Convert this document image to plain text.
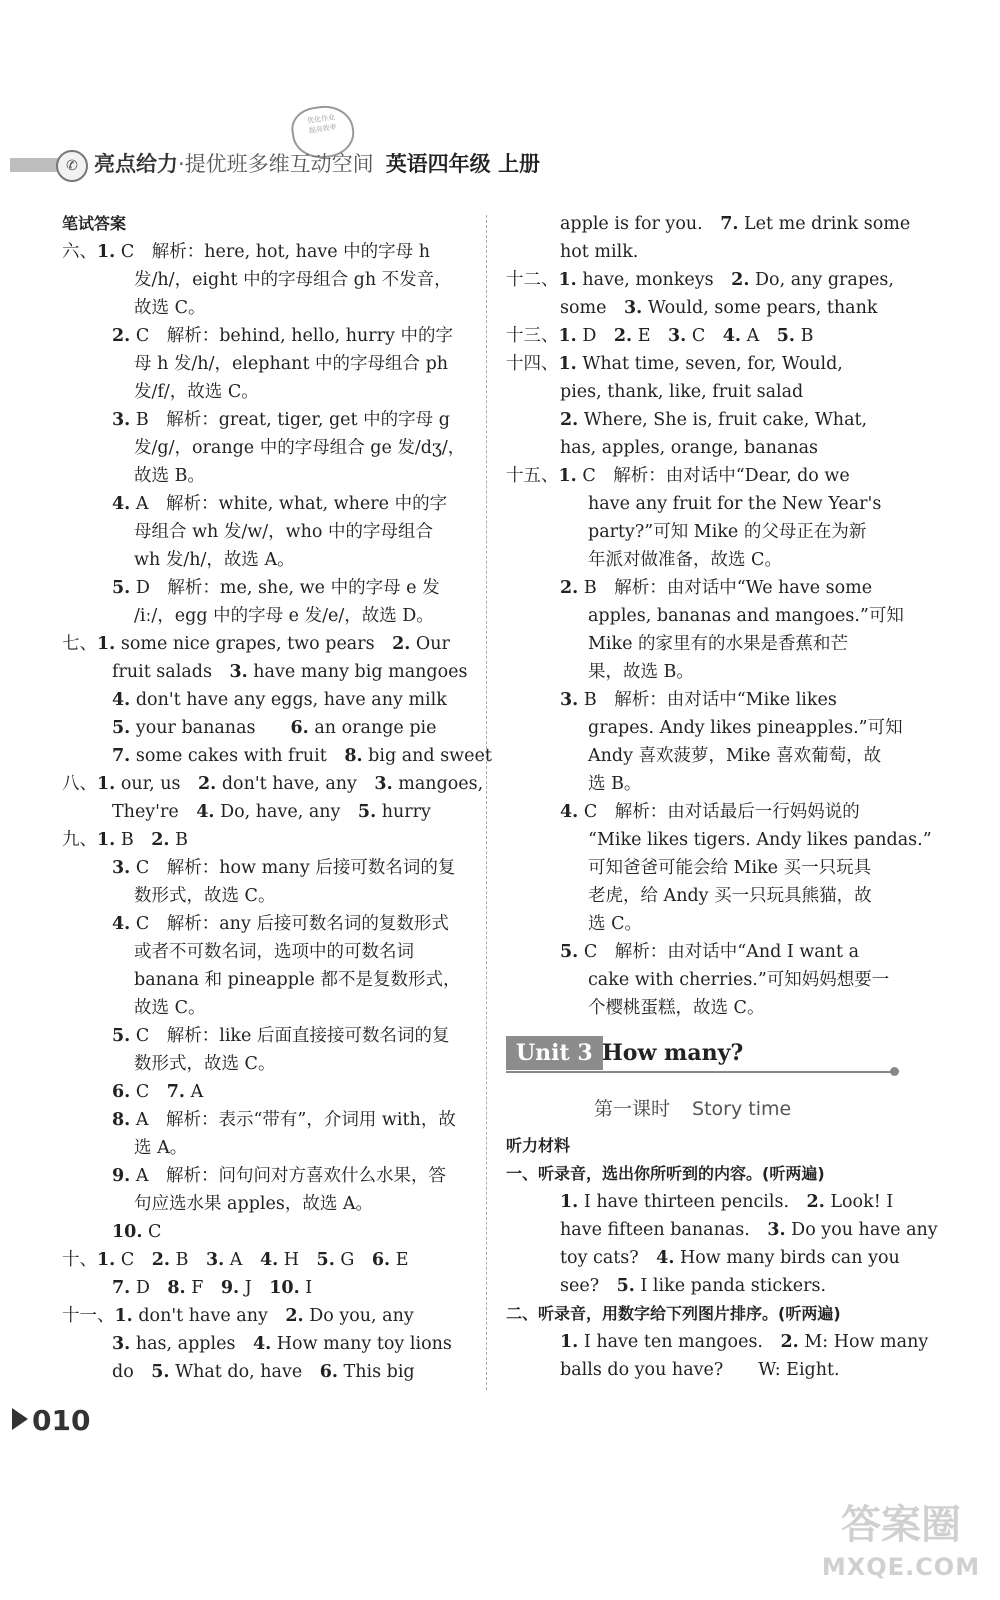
✆
优化作业
提高效率
亮点给力·提优班多维互动空间 英语四年级 上册
笔试答案
六、1. C　解析：here, hot, have 中的字母 h
发/h/，eight 中的字母组合 gh 不发音，
故选 C。
2. C　解析：behind, hello, hurry 中的字
母 h 发/h/，elephant 中的字母组合 ph
发/f/，故选 C。
3. B　解析：great, tiger, get 中的字母 g
发/g/，orange 中的字母组合 ge 发/dʒ/，
故选 B。
4. A　解析：white, what, where 中的字
母组合 wh 发/w/，who 中的字母组合
wh 发/h/，故选 A。
5. D　解析：me, she, we 中的字母 e 发
/iː/，egg 中的字母 e 发/e/，故选 D。
七、1. some nice grapes, two pears　2. Our
fruit salads　3. have many big mangoes
4. don't have any eggs, have any milk
5. your bananas　　6. an orange pie
7. some cakes with fruit　8. big and sweet
八、1. our, us　2. don't have, any　3. mangoes,
They're　4. Do, have, any　5. hurry
九、1. B　2. B
3. C　解析：how many 后接可数名词的复
数形式，故选 C。
4. C　解析：any 后接可数名词的复数形式
或者不可数名词，选项中的可数名词
banana 和 pineapple 都不是复数形式，
故选 C。
5. C　解析：like 后面直接接可数名词的复
数形式，故选 C。
6. C　7. A
8. A　解析：表示“带有”，介词用 with，故
选 A。
9. A　解析：问句问对方喜欢什么水果，答
句应选水果 apples，故选 A。
10. C
十、1. C　2. B　3. A　4. H　5. G　6. E
7. D　8. F　9. J　10. I
十一、1. don't have any　2. Do you, any
3. has, apples　4. How many toy lions
do　5. What do, have　6. This big
apple is for you.　7. Let me drink some
hot milk.
十二、1. have, monkeys　2. Do, any grapes,
some　3. Would, some pears, thank
十三、1. D　2. E　3. C　4. A　5. B
十四、1. What time, seven, for, Would,
pies, thank, like, fruit salad
2. Where, She is, fruit cake, What,
has, apples, orange, bananas
十五、1. C　解析：由对话中“Dear, do we
have any fruit for the New Year's
party?”可知 Mike 的父母正在为新
年派对做准备，故选 C。
2. B　解析：由对话中“We have some
apples, bananas and mangoes.”可知
Mike 的家里有的水果是香蕉和芒
果，故选 B。
3. B　解析：由对话中“Mike likes
grapes. Andy likes pineapples.”可知
Andy 喜欢菠萝，Mike 喜欢葡萄，故
选 B。
4. C　解析：由对话最后一行妈妈说的
“Mike likes tigers. Andy likes pandas.”
可知爸爸可能会给 Mike 买一只玩具
老虎，给 Andy 买一只玩具熊猫，故
选 C。
5. C　解析：由对话中“And I want a
cake with cherries.”可知妈妈想要一
个樱桃蛋糕，故选 C。
Unit 3 How many?
第一课时 Story time
听力材料
一、听录音，选出你所听到的内容。(听两遍)
1. I have thirteen pencils.　2. Look! I
have fifteen bananas.　3. Do you have any
toy cats?　4. How many birds can you
see?　5. I like panda stickers.
二、听录音，用数字给下列图片排序。(听两遍)
1. I have ten mangoes.　2. M: How many
balls do you have?　　W: Eight.
010
答案圈
MXQE.COM
